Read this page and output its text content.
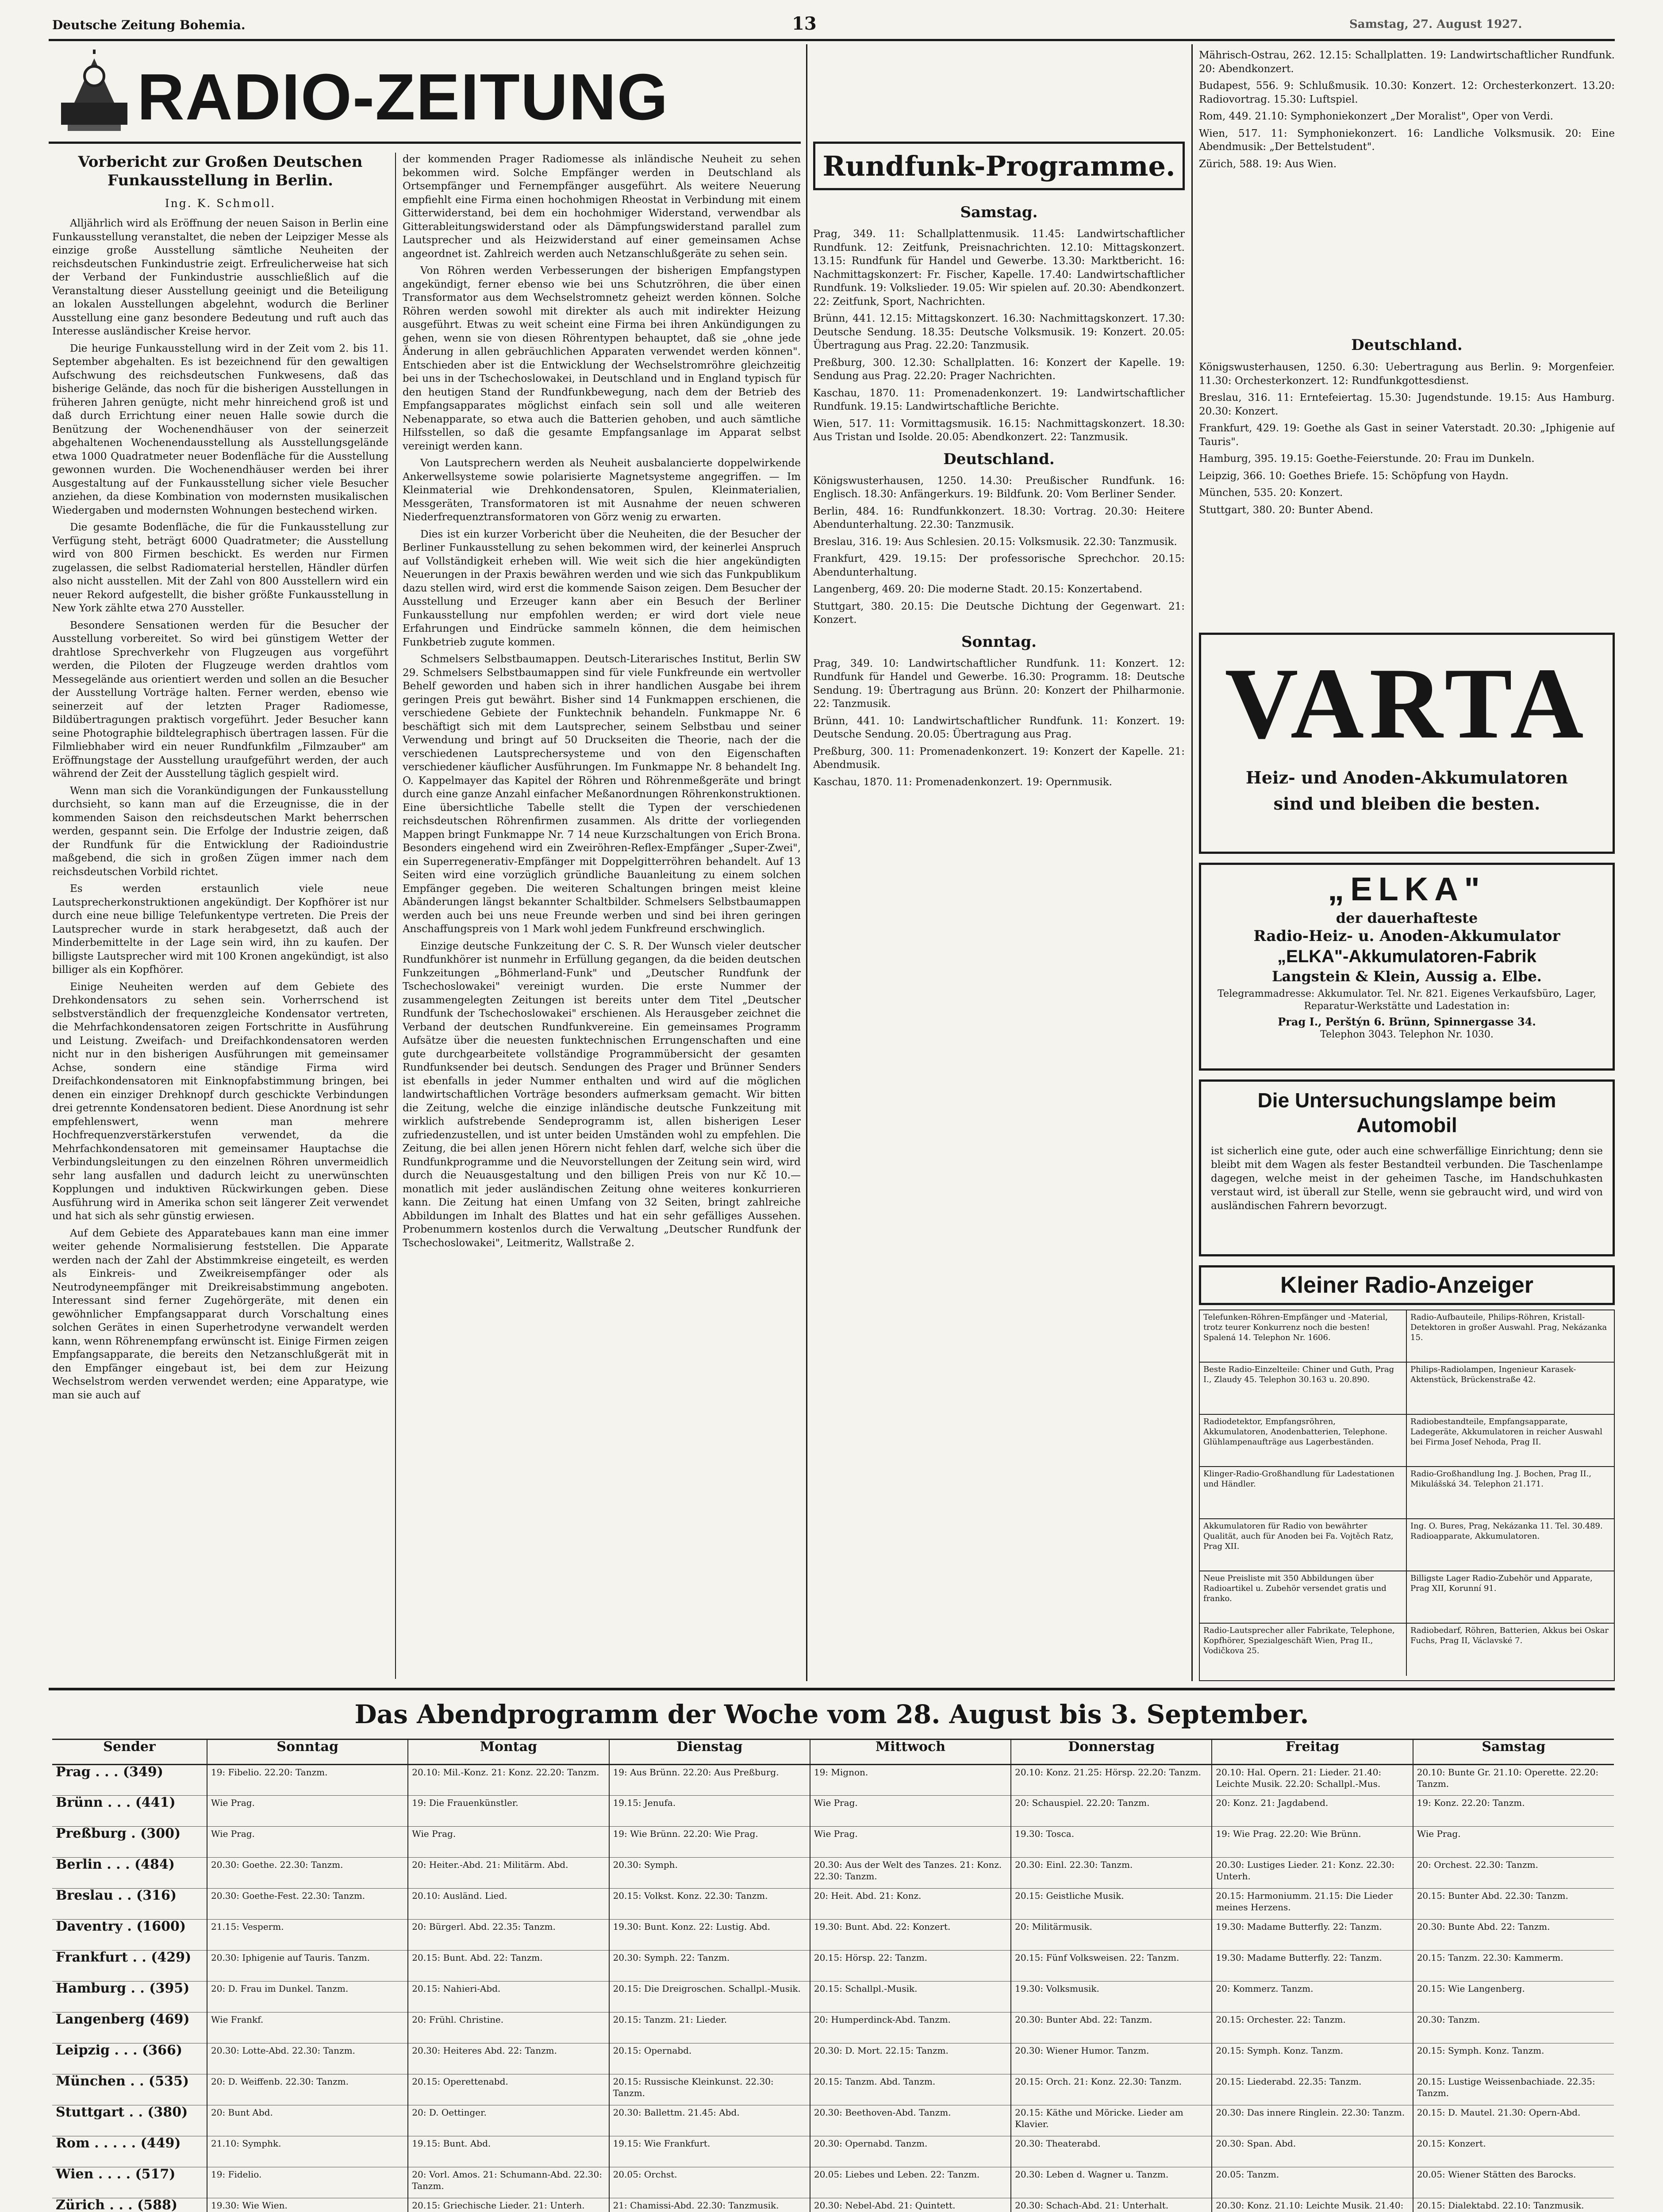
Deutsche Zeitung Bohemia.	13	Samstag, 27. August 1927.
RADIO-ZEITUNG
Vorbericht zur Großen Deutschen Funkausstellung in Berlin.
Ing. K. Schmoll.

Alljährlich wird als Eröffnung der neuen Saison in Berlin eine Funkausstellung veranstaltet, die neben der Leipziger Messe als einzige große Ausstellung sämtliche Neuheiten der reichsdeutschen Funkindustrie zeigt. Erfreulicherweise hat sich der Verband der Funkindustrie ausschließlich auf die Veranstaltung dieser Ausstellung geeinigt und die Beteiligung an lokalen Ausstellungen abgelehnt, wodurch die Berliner Ausstellung eine ganz besondere Bedeutung und ruft auch das Interesse ausländischer Kreise hervor.

Die heurige Funkausstellung wird in der Zeit vom 2. bis 11. September abgehalten. Es ist bezeichnend für den gewaltigen Aufschwung des reichsdeutschen Funkwesens, daß das bisherige Gelände, das noch für die bisherigen Ausstellungen in früheren Jahren genügte, nicht mehr hinreichend groß ist und daß durch Errichtung einer neuen Halle sowie durch die Benützung der Wochenendhäuser von der seinerzeit abgehaltenen Wochenendausstellung als Ausstellungsgelände etwa 1000 Quadratmeter neuer Bodenfläche für die Ausstellung gewonnen wurden. Die Wochenendhäuser werden bei ihrer Ausgestaltung auf der Funkausstellung sicher viele Besucher anziehen, da diese Kombination von modernsten musikalischen Wiedergaben und modernsten Wohnungen bestechend wirken.

Die gesamte Bodenfläche, die für die Funkausstellung zur Verfügung steht, beträgt 6000 Quadratmeter; die Ausstellung wird von 800 Firmen beschickt. Es werden nur Firmen zugelassen, die selbst Radiomaterial herstellen, Händler dürfen also nicht ausstellen. Mit der Zahl von 800 Ausstellern wird ein neuer Rekord aufgestellt, die bisher größte Funkausstellung in New York zählte etwa 270 Aussteller.

Besondere Sensationen werden für die Besucher der Ausstellung vorbereitet. So wird bei günstigem Wetter der drahtlose Sprechverkehr von Flugzeugen aus vorgeführt werden, die Piloten der Flugzeuge werden drahtlos vom Messegelände aus orientiert werden und sollen an die Besucher der Ausstellung Vorträge halten. Ferner werden, ebenso wie seinerzeit auf der letzten Prager Radiomesse, Bildübertragungen praktisch vorgeführt. Jeder Besucher kann seine Photographie bildtelegraphisch übertragen lassen. Für die Filmliebhaber wird ein neuer Rundfunkfilm „Filmzauber" am Eröffnungstage der Ausstellung uraufgeführt werden, der auch während der Zeit der Ausstellung täglich gespielt wird.

Wenn man sich die Vorankündigungen der Funkausstellung durchsieht, so kann man auf die Erzeugnisse, die in der kommenden Saison den reichsdeutschen Markt beherrschen werden, gespannt sein. Die Erfolge der Industrie zeigen, daß der Rundfunk für die Entwicklung der Radioindustrie maßgebend, die sich in großen Zügen immer nach dem reichsdeutschen Vorbild richtet.

Es werden erstaunlich viele neue Lautsprecherkonstruktionen angekündigt. Der Kopfhörer ist nur durch eine neue billige Telefunkentype vertreten. Die Preis der Lautsprecher wurde in stark herabgesetzt, daß auch der Minderbemittelte in der Lage sein wird, ihn zu kaufen. Der billigste Lautsprecher wird mit 100 Kronen angekündigt, ist also billiger als ein Kopfhörer.

Einige Neuheiten werden auf dem Gebiete des Drehkondensators zu sehen sein. Vorherrschend ist selbstverständlich der frequenzgleiche Kondensator vertreten, die Mehrfachkondensatoren zeigen Fortschritte in Ausführung und Leistung. Zweifach- und Dreifachkondensatoren werden nicht nur in den bisherigen Ausführungen mit gemeinsamer Achse, sondern eine ständige Firma wird Dreifachkondensatoren mit Einknopfabstimmung bringen, bei denen ein einziger Drehknopf durch geschickte Verbindungen drei getrennte Kondensatoren bedient. Diese Anordnung ist sehr empfehlenswert, wenn man mehrere Hochfrequenzverstärkerstufen verwendet, da die Mehrfachkondensatoren mit gemeinsamer Hauptachse die Verbindungsleitungen zu den einzelnen Röhren unvermeidlich sehr lang ausfallen und dadurch leicht zu unerwünschten Kopplungen und induktiven Rückwirkungen geben. Diese Ausführung wird in Amerika schon seit längerer Zeit verwendet und hat sich als sehr günstig erwiesen.

Auf dem Gebiete des Apparatebaues kann man eine immer weiter gehende Normalisierung feststellen. Die Apparate werden nach der Zahl der Abstimmkreise eingeteilt, es werden als Einkreis- und Zweikreisempfänger oder als Neutrodyneempfänger mit Dreikreisabstimmung angeboten. Interessant sind ferner Zugehörgeräte, mit denen ein gewöhnlicher Empfangsapparat durch Vorschaltung eines solchen Gerätes in einen Superhetrodyne verwandelt werden kann, wenn Röhrenempfang erwünscht ist. Einige Firmen zeigen Empfangsapparate, die bereits den Netzanschlußgerät mit in den Empfänger eingebaut ist, bei dem zur Heizung Wechselstrom werden verwendet werden; eine Apparatype, wie man sie auch auf

der kommenden Prager Radiomesse als inländische Neuheit zu sehen bekommen wird. Solche Empfänger werden in Deutschland als Ortsempfänger und Fernempfänger ausgeführt. Als weitere Neuerung empfiehlt eine Firma einen hochohmigen Rheostat in Verbindung mit einem Gitterwiderstand, bei dem ein hochohmiger Widerstand, verwendbar als Gitterableitungswiderstand oder als Dämpfungswiderstand parallel zum Lautsprecher und als Heizwiderstand auf einer gemeinsamen Achse angeordnet ist. Zahlreich werden auch Netzanschlußgeräte zu sehen sein.

Von Röhren werden Verbesserungen der bisherigen Empfangstypen angekündigt, ferner ebenso wie bei uns Schutzröhren, die über einen Transformator aus dem Wechselstromnetz geheizt werden können. Solche Röhren werden sowohl mit direkter als auch mit indirekter Heizung ausgeführt. Etwas zu weit scheint eine Firma bei ihren Ankündigungen zu gehen, wenn sie von diesen Röhrentypen behauptet, daß sie „ohne jede Änderung in allen gebräuchlichen Apparaten verwendet werden können". Entschieden aber ist die Entwicklung der Wechselstromröhre gleichzeitig bei uns in der Tschechoslowakei, in Deutschland und in England typisch für den heutigen Stand der Rundfunkbewegung, nach dem der Betrieb des Empfangsapparates möglichst einfach sein soll und alle weiteren Nebenapparate, so etwa auch die Batterien gehoben, und auch sämtliche Hilfsstellen, so daß die gesamte Empfangsanlage im Apparat selbst vereinigt werden kann.

Von Lautsprechern werden als Neuheit ausbalancierte doppelwirkende Ankerwellsysteme sowie polarisierte Magnetsysteme angegriffen. — Im Kleinmaterial wie Drehkondensatoren, Spulen, Kleinmaterialien, Messgeräten, Transformatoren ist mit Ausnahme der neuen schweren Niederfrequenztransformatoren von Görz wenig zu erwarten.

Dies ist ein kurzer Vorbericht über die Neuheiten, die der Besucher der Berliner Funkausstellung zu sehen bekommen wird, der keinerlei Anspruch auf Vollständigkeit erheben will. Wie weit sich die hier angekündigten Neuerungen in der Praxis bewähren werden und wie sich das Funkpublikum dazu stellen wird, wird erst die kommende Saison zeigen. Dem Besucher der Ausstellung und Erzeuger kann aber ein Besuch der Berliner Funkausstellung nur empfohlen werden; er wird dort viele neue Erfahrungen und Eindrücke sammeln können, die dem heimischen Funkbetrieb zugute kommen.

Schmelsers Selbstbaumappen. Deutsch-Literarisches Institut, Berlin SW 29. Schmelsers Selbstbaumappen sind für viele Funkfreunde ein wertvoller Behelf geworden und haben sich in ihrer handlichen Ausgabe bei ihrem geringen Preis gut bewährt. Bisher sind 14 Funkmappen erschienen, die verschiedene Gebiete der Funktechnik behandeln. Funkmappe Nr. 6 beschäftigt sich mit dem Lautsprecher, seinem Selbstbau und seiner Verwendung und bringt auf 50 Druckseiten die Theorie, nach der die verschiedenen Lautsprechersysteme und von den Eigenschaften verschiedener käuflicher Ausführungen. Im Funkmappe Nr. 8 behandelt Ing. O. Kappelmayer das Kapitel der Röhren und Röhrenmeßgeräte und bringt durch eine ganze Anzahl einfacher Meßanordnungen Röhrenkonstruktionen. Eine übersichtliche Tabelle stellt die Typen der verschiedenen reichsdeutschen Röhrenfirmen zusammen. Als dritte der vorliegenden Mappen bringt Funkmappe Nr. 7 14 neue Kurzschaltungen von Erich Brona. Besonders eingehend wird ein Zweiröhren-Reflex-Empfänger „Super-Zwei", ein Superregenerativ-Empfänger mit Doppelgitterröhren behandelt. Auf 13 Seiten wird eine vorzüglich gründliche Bauanleitung zu einem solchen Empfänger gegeben. Die weiteren Schaltungen bringen meist kleine Abänderungen längst bekannter Schaltbilder. Schmelsers Selbstbaumappen werden auch bei uns neue Freunde werben und sind bei ihren geringen Anschaffungspreis von 1 Mark wohl jedem Funkfreund erschwinglich.

Einzige deutsche Funkzeitung der C. S. R. Der Wunsch vieler deutscher Rundfunkhörer ist nunmehr in Erfüllung gegangen, da die beiden deutschen Funkzeitungen „Böhmerland-Funk" und „Deutscher Rundfunk der Tschechoslowakei" vereinigt wurden. Die erste Nummer der zusammengelegten Zeitungen ist bereits unter dem Titel „Deutscher Rundfunk der Tschechoslowakei" erschienen. Als Herausgeber zeichnet die Verband der deutschen Rundfunkvereine. Ein gemeinsames Programm Aufsätze über die neuesten funktechnischen Errungenschaften und eine gute durchgearbeitete vollständige Programmübersicht der gesamten Rundfunksender bei deutsch. Sendungen des Prager und Brünner Senders ist ebenfalls in jeder Nummer enthalten und wird auf die möglichen landwirtschaftlichen Vorträge besonders aufmerksam gemacht. Wir bitten die Zeitung, welche die einzige inländische deutsche Funkzeitung mit wirklich aufstrebende Sendeprogramm ist, allen bisherigen Leser zufriedenzustellen, und ist unter beiden Umständen wohl zu empfehlen. Die Zeitung, die bei allen jenen Hörern nicht fehlen darf, welche sich über die Rundfunkprogramme und die Neuvorstellungen der Zeitung sein wird, wird durch die Neuausgestaltung und den billigen Preis von nur Kč 10.— monatlich mit jeder ausländischen Zeitung ohne weiteres konkurrieren kann. Die Zeitung hat einen Umfang von 32 Seiten, bringt zahlreiche Abbildungen im Inhalt des Blattes und hat ein sehr gefälliges Aussehen. Probenummern kostenlos durch die Verwaltung „Deutscher Rundfunk der Tschechoslowakei", Leitmeritz, Wallstraße 2.

Rundfunk-Programme.
Samstag.

Prag, 349. 11: Schallplattenmusik. 11.45: Landwirtschaftlicher Rundfunk. 12: Zeitfunk, Preisnachrichten. 12.10: Mittagskonzert. 13.15: Rundfunk für Handel und Gewerbe. 13.30: Marktbericht. 16: Nachmittagskonzert: Fr. Fischer, Kapelle. 17.40: Landwirtschaftlicher Rundfunk. 19: Volkslieder. 19.05: Wir spielen auf. 20.30: Abendkonzert. 22: Zeitfunk, Sport, Nachrichten.

Brünn, 441. 12.15: Mittagskonzert. 16.30: Nachmittagskonzert. 17.30: Deutsche Sendung. 18.35: Deutsche Volksmusik. 19: Konzert. 20.05: Übertragung aus Prag. 22.20: Tanzmusik.

Preßburg, 300. 12.30: Schallplatten. 16: Konzert der Kapelle. 19: Sendung aus Prag. 22.20: Prager Nachrichten.

Kaschau, 1870. 11: Promenadenkonzert. 19: Landwirtschaftlicher Rundfunk. 19.15: Landwirtschaftliche Berichte.

Wien, 517. 11: Vormittagsmusik. 16.15: Nachmittagskonzert. 18.30: Aus Tristan und Isolde. 20.05: Abendkonzert. 22: Tanzmusik.

Deutschland.

Königswusterhausen, 1250. 14.30: Preußischer Rundfunk. 16: Englisch. 18.30: Anfängerkurs. 19: Bildfunk. 20: Vom Berliner Sender.

Berlin, 484. 16: Rundfunkkonzert. 18.30: Vortrag. 20.30: Heitere Abendunterhaltung. 22.30: Tanzmusik.

Breslau, 316. 19: Aus Schlesien. 20.15: Volksmusik. 22.30: Tanzmusik.

Frankfurt, 429. 19.15: Der professorische Sprechchor. 20.15: Abendunterhaltung.

Langenberg, 469. 20: Die moderne Stadt. 20.15: Konzertabend.

Stuttgart, 380. 20.15: Die Deutsche Dichtung der Gegenwart. 21: Konzert.

Sonntag.

Prag, 349. 10: Landwirtschaftlicher Rundfunk. 11: Konzert. 12: Rundfunk für Handel und Gewerbe. 16.30: Programm. 18: Deutsche Sendung. 19: Übertragung aus Brünn. 20: Konzert der Philharmonie. 22: Tanzmusik.

Brünn, 441. 10: Landwirtschaftlicher Rundfunk. 11: Konzert. 19: Deutsche Sendung. 20.05: Übertragung aus Prag.

Preßburg, 300. 11: Promenadenkonzert. 19: Konzert der Kapelle. 21: Abendmusik.

Kaschau, 1870. 11: Promenadenkonzert. 19: Opernmusik.

Mährisch-Ostrau, 262. 12.15: Schallplatten. 19: Landwirtschaftlicher Rundfunk. 20: Abendkonzert.

Budapest, 556. 9: Schlußmusik. 10.30: Konzert. 12: Orchesterkonzert. 13.20: Radiovortrag. 15.30: Luftspiel.

Rom, 449. 21.10: Symphoniekonzert „Der Moralist", Oper von Verdi.

Wien, 517. 11: Symphoniekonzert. 16: Landliche Volksmusik. 20: Eine Abendmusik: „Der Bettelstudent".

Zürich, 588. 19: Aus Wien.

Deutschland.

Königswusterhausen, 1250. 6.30: Uebertragung aus Berlin. 9: Morgenfeier. 11.30: Orchesterkonzert. 12: Rundfunkgottesdienst.

Breslau, 316. 11: Erntefeiertag. 15.30: Jugendstunde. 19.15: Aus Hamburg. 20.30: Konzert.

Frankfurt, 429. 19: Goethe als Gast in seiner Vaterstadt. 20.30: „Iphigenie auf Tauris".

Hamburg, 395. 19.15: Goethe-Feierstunde. 20: Frau im Dunkeln.

Leipzig, 366. 10: Goethes Briefe. 15: Schöpfung von Haydn.

München, 535. 20: Konzert.

Stuttgart, 380. 20: Bunter Abend.

VARTA
Heiz- und Anoden-Akkumulatoren
sind und bleiben die besten.
„ELKA"
der dauerhafteste
Radio-Heiz- u. Anoden-Akkumulator
„ELKA"-Akkumulatoren-Fabrik
Langstein & Klein, Aussig a. Elbe.
Telegrammadresse: Akkumulator. Tel. Nr. 821. Eigenes Verkaufsbüro, Lager, Reparatur-Werkstätte und Ladestation in:
Prag I., Perštýn 6. Brünn, Spinnergasse 34.
Telephon 3043. Telephon Nr. 1030.
Die Untersuchungslampe beim Automobil
ist sicherlich eine gute, oder auch eine schwerfällige Einrichtung; denn sie bleibt mit dem Wagen als fester Bestandteil verbunden. Die Taschenlampe dagegen, welche meist in der geheimen Tasche, im Handschuhkasten verstaut wird, ist überall zur Stelle, wenn sie gebraucht wird, und wird von ausländischen Fahrern bevorzugt.
Kleiner Radio-Anzeiger
Telefunken-Röhren-Empfänger und -Material, trotz teurer Konkurrenz noch die besten! Spalená 14. Telephon Nr. 1606.
Radio-Aufbauteile, Philips-Röhren, Kristall-Detektoren in großer Auswahl. Prag, Nekázanka 15.
Beste Radio-Einzelteile: Chiner und Guth, Prag I., Zlaudy 45. Telephon 30.163 u. 20.890.
Philips-Radiolampen, Ingenieur Karasek-Aktenstück, Brückenstraße 42.
Radiodetektor, Empfangsröhren, Akkumulatoren, Anodenbatterien, Telephone. Glühlampenaufträge aus Lagerbeständen.
Radiobestandteile, Empfangsapparate, Ladegeräte, Akkumulatoren in reicher Auswahl bei Firma Josef Nehoda, Prag II.
Klinger-Radio-Großhandlung für Ladestationen und Händler.
Radio-Großhandlung Ing. J. Bochen, Prag II., Mikulášská 34. Telephon 21.171.
Akkumulatoren für Radio von bewährter Qualität, auch für Anoden bei Fa. Vojtěch Ratz, Prag XII.
Ing. O. Bures, Prag, Nekázanka 11. Tel. 30.489. Radioapparate, Akkumulatoren.
Neue Preisliste mit 350 Abbildungen über Radioartikel u. Zubehör versendet gratis und franko.
Billigste Lager Radio-Zubehör und Apparate, Prag XII, Korunní 91.
Radio-Lautsprecher aller Fabrikate, Telephone, Kopfhörer, Spezialgeschäft Wien, Prag II., Vodičkova 25.
Radiobedarf, Röhren, Batterien, Akkus bei Oskar Fuchs, Prag II, Václavské 7.
Das Abendprogramm der Woche vom 28. August bis 3. September.
Sender	Sonntag	Montag	Dienstag	Mittwoch	Donnerstag	Freitag	Samstag
Prag . . . (349)	19: Fibelio. 22.20: Tanzm.	20.10: Mil.-Konz. 21: Konz. 22.20: Tanzm.	19: Aus Brünn. 22.20: Aus Preßburg.	19: Mignon.	20.10: Konz. 21.25: Hörsp. 22.20: Tanzm.	20.10: Hal. Opern. 21: Lieder. 21.40: Leichte Musik. 22.20: Schallpl.-Mus.	20.10: Bunte Gr. 21.10: Operette. 22.20: Tanzm.
Brünn . . . (441)	Wie Prag.	19: Die Frauenkünstler.	19.15: Jenufa.	Wie Prag.	20: Schauspiel. 22.20: Tanzm.	20: Konz. 21: Jagdabend.	19: Konz. 22.20: Tanzm.
Preßburg . (300)	Wie Prag.	Wie Prag.	19: Wie Brünn. 22.20: Wie Prag.	Wie Prag.	19.30: Tosca.	19: Wie Prag. 22.20: Wie Brünn.	Wie Prag.
Berlin . . . (484)	20.30: Goethe. 22.30: Tanzm.	20: Heiter.-Abd. 21: Militärm. Abd.	20.30: Symph.	20.30: Aus der Welt des Tanzes. 21: Konz. 22.30: Tanzm.	20.30: Einl. 22.30: Tanzm.	20.30: Lustiges Lieder. 21: Konz. 22.30: Unterh.	20: Orchest. 22.30: Tanzm.
Breslau . . (316)	20.30: Goethe-Fest. 22.30: Tanzm.	20.10: Ausländ. Lied.	20.15: Volkst. Konz. 22.30: Tanzm.	20: Heit. Abd. 21: Konz.	20.15: Geistliche Musik.	20.15: Harmoniumm. 21.15: Die Lieder meines Herzens.	20.15: Bunter Abd. 22.30: Tanzm.
Daventry . (1600)	21.15: Vesperm.	20: Bürgerl. Abd. 22.35: Tanzm.	19.30: Bunt. Konz. 22: Lustig. Abd.	19.30: Bunt. Abd. 22: Konzert.	20: Militärmusik.	19.30: Madame Butterfly. 22: Tanzm.	20.30: Bunte Abd. 22: Tanzm.
Frankfurt . . (429)	20.30: Iphigenie auf Tauris. Tanzm.	20.15: Bunt. Abd. 22: Tanzm.	20.30: Symph. 22: Tanzm.	20.15: Hörsp. 22: Tanzm.	20.15: Fünf Volksweisen. 22: Tanzm.	19.30: Madame Butterfly. 22: Tanzm.	20.15: Tanzm. 22.30: Kammerm.
Hamburg . . (395)	20: D. Frau im Dunkel. Tanzm.	20.15: Nahieri-Abd.	20.15: Die Dreigroschen. Schallpl.-Musik.	20.15: Schallpl.-Musik.	19.30: Volksmusik.	20: Kommerz. Tanzm.	20.15: Wie Langenberg.
Langenberg (469)	Wie Frankf.	20: Frühl. Christine.	20.15: Tanzm. 21: Lieder.	20: Humperdinck-Abd. Tanzm.	20.30: Bunter Abd. 22: Tanzm.	20.15: Orchester. 22: Tanzm.	20.30: Tanzm.
Leipzig . . . (366)	20.30: Lotte-Abd. 22.30: Tanzm.	20.30: Heiteres Abd. 22: Tanzm.	20.15: Opernabd.	20.30: D. Mort. 22.15: Tanzm.	20.30: Wiener Humor. Tanzm.	20.15: Symph. Konz. Tanzm.	20.15: Symph. Konz. Tanzm.
München . . (535)	20: D. Weiffenb. 22.30: Tanzm.	20.15: Operettenabd.	20.15: Russische Kleinkunst. 22.30: Tanzm.	20.15: Tanzm. Abd. Tanzm.	20.15: Orch. 21: Konz. 22.30: Tanzm.	20.15: Liederabd. 22.35: Tanzm.	20.15: Lustige Weissenbachiade. 22.35: Tanzm.
Stuttgart . . (380)	20: Bunt Abd.	20: D. Oettinger.	20.30: Ballettm. 21.45: Abd.	20.30: Beethoven-Abd. Tanzm.	20.15: Käthe und Möricke. Lieder am Klavier.	20.30: Das innere Ringlein. 22.30: Tanzm.	20.15: D. Mautel. 21.30: Opern-Abd.
Rom . . . . . (449)	21.10: Symphk.	19.15: Bunt. Abd.	19.15: Wie Frankfurt.	20.30: Opernabd. Tanzm.	20.30: Theaterabd.	20.30: Span. Abd.	20.15: Konzert.
Wien . . . . (517)	19: Fidelio.	20: Vorl. Amos. 21: Schumann-Abd. 22.30: Tanzm.	20.05: Orchst.	20.05: Liebes und Leben. 22: Tanzm.	20.30: Leben d. Wagner u. Tanzm.	20.05: Tanzm.	20.05: Wiener Stätten des Barocks.
Zürich . . . (588)	19.30: Wie Wien.	20.15: Griechische Lieder. 21: Unterh.	21: Chamissi-Abd. 22.30: Tanzmusik.	20.30: Nebel-Abd. 21: Quintett.	20.30: Schach-Abd. 21: Unterhalt.	20.30: Konz. 21.10: Leichte Musik. 21.40:	20.15: Dialektabd. 22.10: Tanzmusik.
